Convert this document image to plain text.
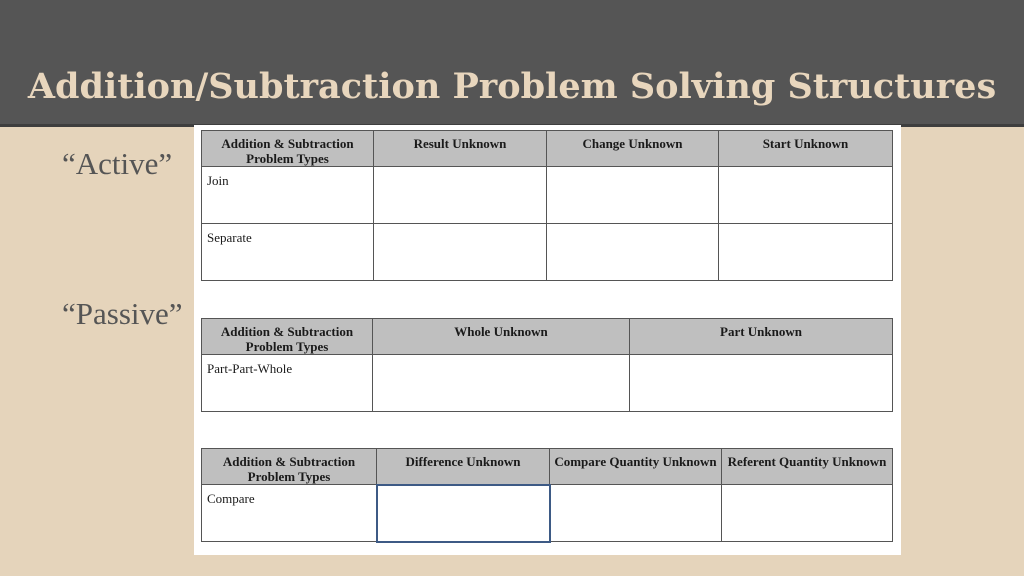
Addition/Subtraction Problem Solving Structures
“Active”
“Passive”
Addition & Subtraction Problem Types	Result Unknown	Change Unknown	Start Unknown
Join			
Separate			
Addition & Subtraction Problem Types	Whole Unknown	Part Unknown
Part-Part-Whole		
Addition & Subtraction Problem Types	Difference Unknown	Compare Quantity Unknown	Referent Quantity Unknown
Compare			
